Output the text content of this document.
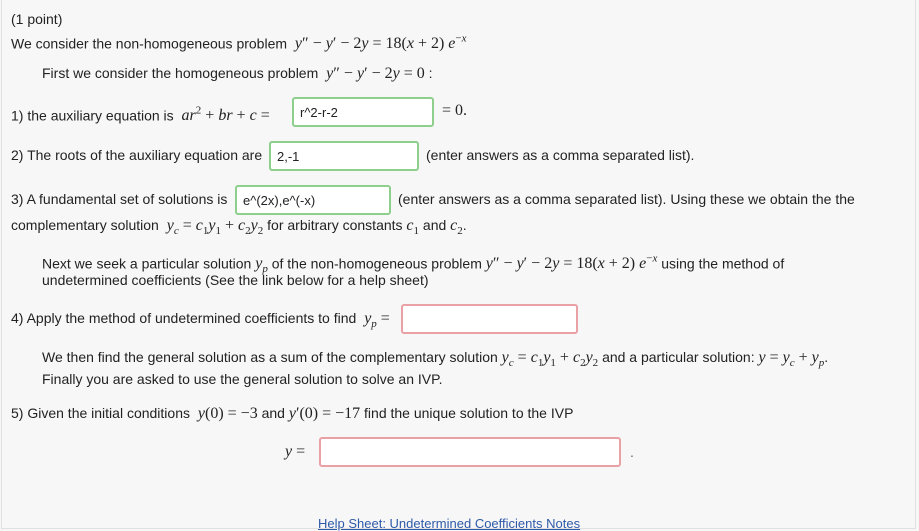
(1 point)
We consider the non-homogeneous problem y″ − y′ − 2y = 18(x + 2) $e^{-x}$
First we consider the homogeneous problem y″ − y′ − 2y = 0 :
1) the auxiliary equation is $ar^2$ + br + c =	r^2-r-2	= 0.
2) The roots of the auxiliary equation are	2,-1	(enter answers as a comma separated list).
3) A fundamental set of solutions is	e^(2x),e^(-x)	(enter answers as a comma separated list). Using these we obtain the the
complementary solution $y_c = c_1y_1 + c_2y_2$ for arbitrary constants $c_1$ and $c_2$.
Next we seek a particular solution $y_p$ of the non-homogeneous problem y″ − y′ − 2y = 18(x + 2) $e^{-x}$ using the method of
undetermined coefficients (See the link below for a help sheet)
4) Apply the method of undetermined coefficients to find $y_p$ =
We then find the general solution as a sum of the complementary solution $y_c = c_1y_1 + c_2y_2$ and a particular solution: $y = y_c + y_p$.
Finally you are asked to use the general solution to solve an IVP.
5) Given the initial conditions y(0) = −3 and y′(0) = −17 find the unique solution to the IVP
y =	.
Help Sheet: Undetermined Coefficients Notes
